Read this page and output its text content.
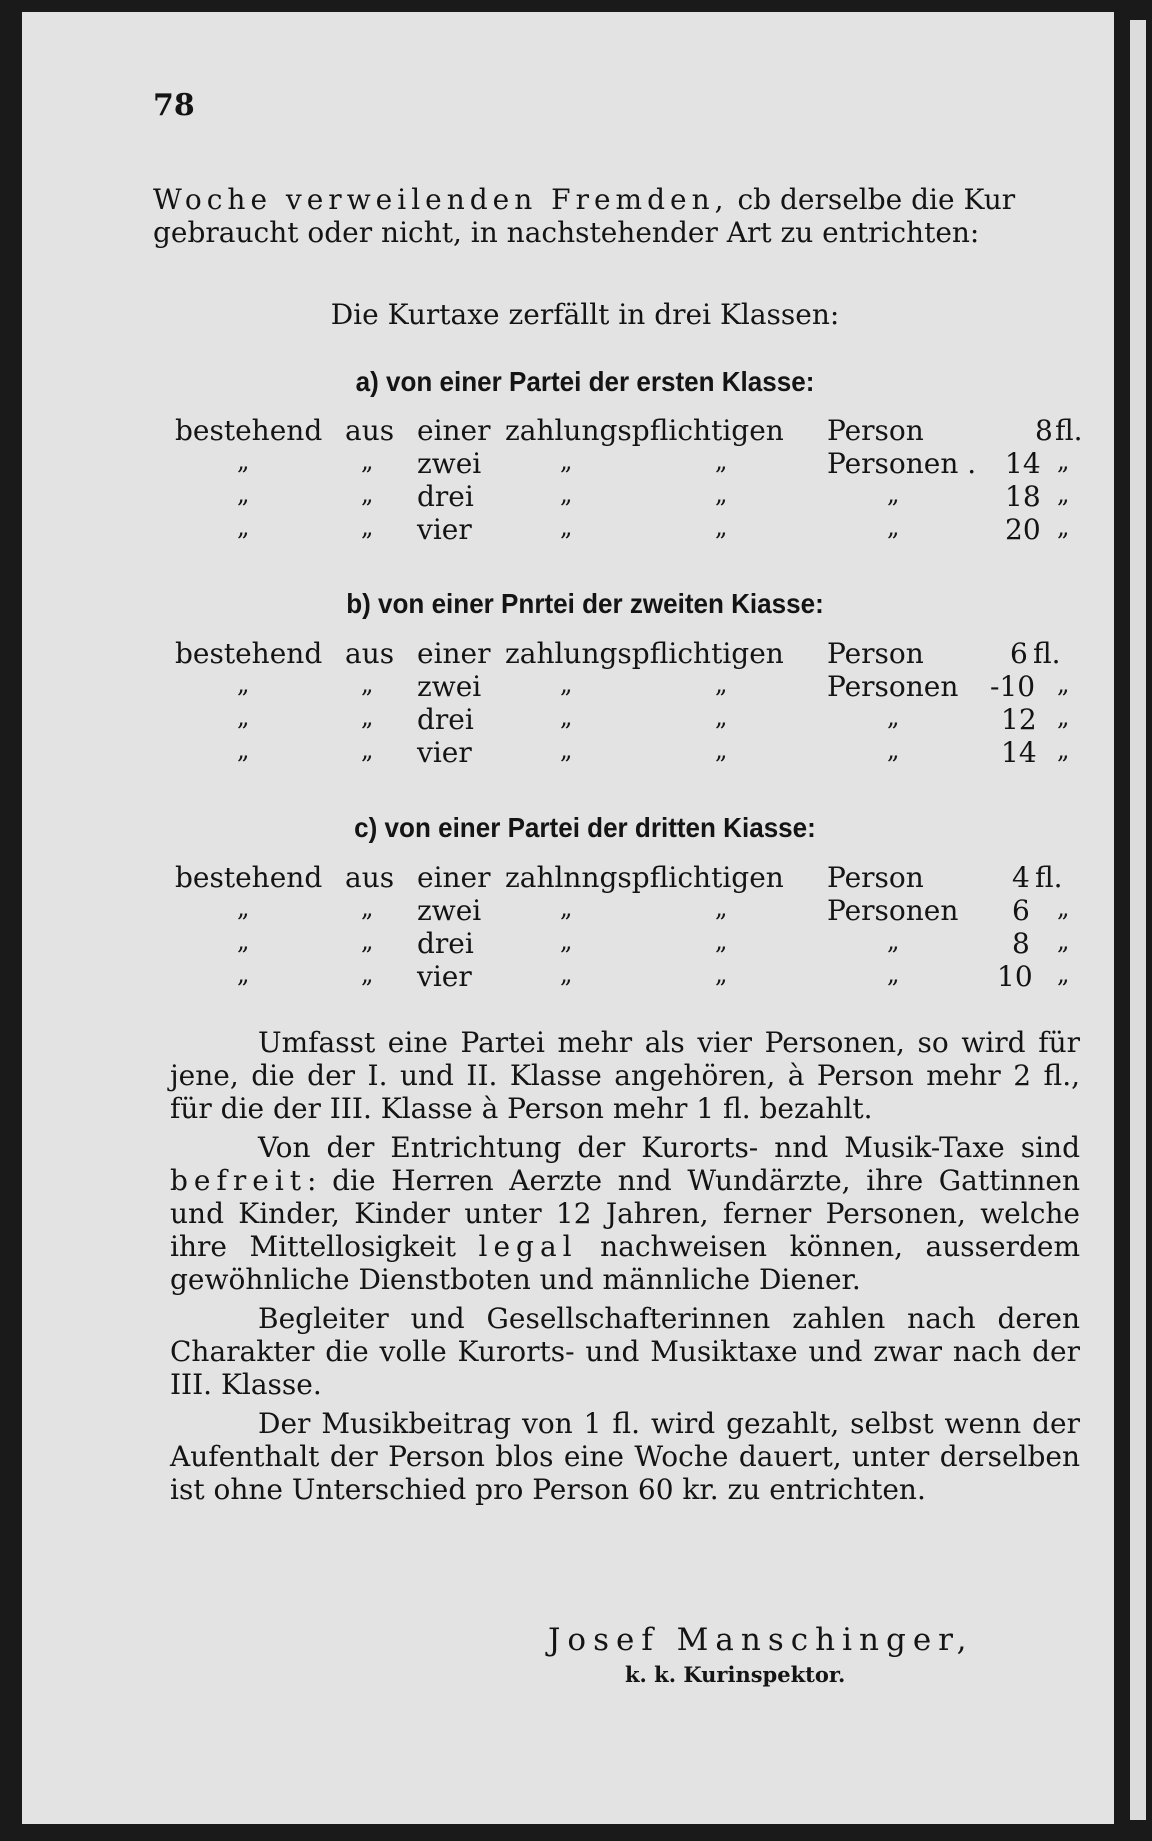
78
Woche verweilenden Fremden, cb derselbe die Kur gebraucht oder nicht, in nachstehender Art zu entrichten:
Die Kurtaxe zerfällt in drei Klassen:
a) von einer Partei der ersten Klasse:
bestehend aus einer zahlungspflichtigen Person	8 fl.
„	„ zwei	„	„	Personen . 14 „
„	„ drei	„	„	„	18 „
„	„ vier	„	„	„	20 „
b) von einer Pnrtei der zweiten Kiasse:
bestehend aus einer zahlungspflichtigen Person	6 fl.
„	„ zwei	„	„	Personen -10 „
„	„ drei	„	„	„	12 „
„	„ vier	„	„	„	14 „
c) von einer Partei der dritten Kiasse:
bestehend aus einer zahlnngspflichtigen Person	4 fl.
„	„ zwei	„	„	Personen 6 „
„	„ drei	„	„	„	8 „
„	„ vier	„	„	„	10 „

Umfasst eine Partei mehr als vier Personen, so wird für jene, die der I. und II. Klasse angehören, à Person mehr 2 fl., für die der III. Klasse à Person mehr 1 fl. bezahlt.

Von der Entrichtung der Kurorts- nnd Musik-Taxe sind befreit: die Herren Aerzte nnd Wundärzte, ihre Gattinnen und Kinder, Kinder unter 12 Jahren, ferner Personen, welche ihre Mittellosigkeit legal nachweisen können, ausserdem gewöhnliche Dienstboten und männliche Diener.

Begleiter und Gesellschafterinnen zahlen nach deren Charakter die volle Kurorts- und Musiktaxe und zwar nach der III. Klasse.

Der Musikbeitrag von 1 fl. wird gezahlt, selbst wenn der Aufenthalt der Person blos eine Woche dauert, unter derselben ist ohne Unterschied pro Person 60 kr. zu entrichten.

Josef Manschinger,
k. k. Kurinspektor.
